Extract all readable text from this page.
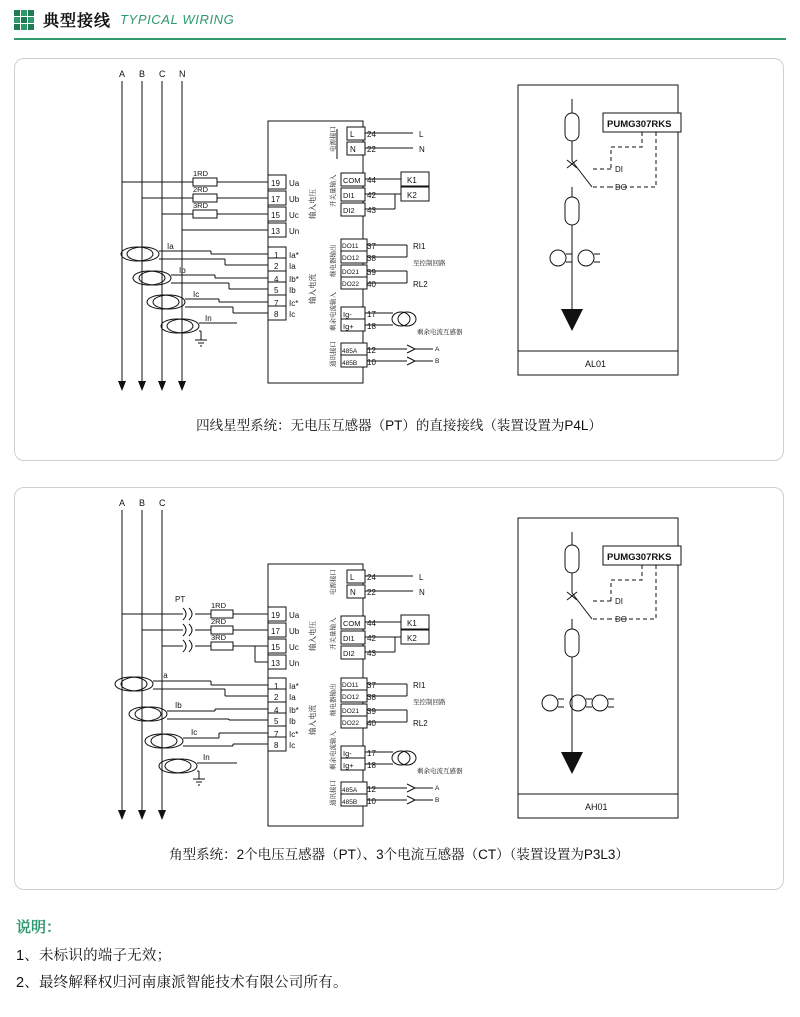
典型接线 TYPICAL WIRING
A B C N
1RD
2RD
3RD
19 Ua
17 Ub
15 Uc
13 Un
1 Ia*
2 Ia
4 Ib*
5 Ib
7 Ic*
8 Ic
Ia
Ib
Ic
In
输入电压
输入电流
电源接口 L 24
N 22
L
N
开关量输入 COM 44
DI1 42
DI2 43
K1
K2
继电器输出 DO11 37
DO12 38
DO21 39
DO22 40
RI1
RL2
至控制回路
剩余电流输入 Ig- 17
Ig+ 18
剩余电流互感器
通讯接口 485A 12
485B 10
A
B
PUMG307RKS
DI
DO
AL01
四线星型系统：无电压互感器（PT）的直接接线（装置设置为P4L）
A B C
PT
1RD
2RD
3RD
19 Ua
17 Ub
15 Uc
13 Un
1 Ia*
2 Ia
4 Ib*
5 Ib
7 Ic*
8 Ic
Ia
Ib
Ic
In
输入电压
输入电流
电源接口 L 24
N 22
L
N
开关量输入 COM 44
DI1 42
DI2 43
K1
K2
继电器输出 DO11 37
DO12 38
DO21 39
DO22 40
RI1
RL2
至控制回路
剩余电流输入 Ig- 17
Ig+ 18
剩余电流互感器
通讯接口 485A 12
485B 10
A
B
PUMG307RKS
DI
DO
AH01
角型系统：2个电压互感器（PT）、3个电流互感器（CT）（装置设置为P3L3）
说明：
1、未标识的端子无效；
2、最终解释权归河南康派智能技术有限公司所有。
